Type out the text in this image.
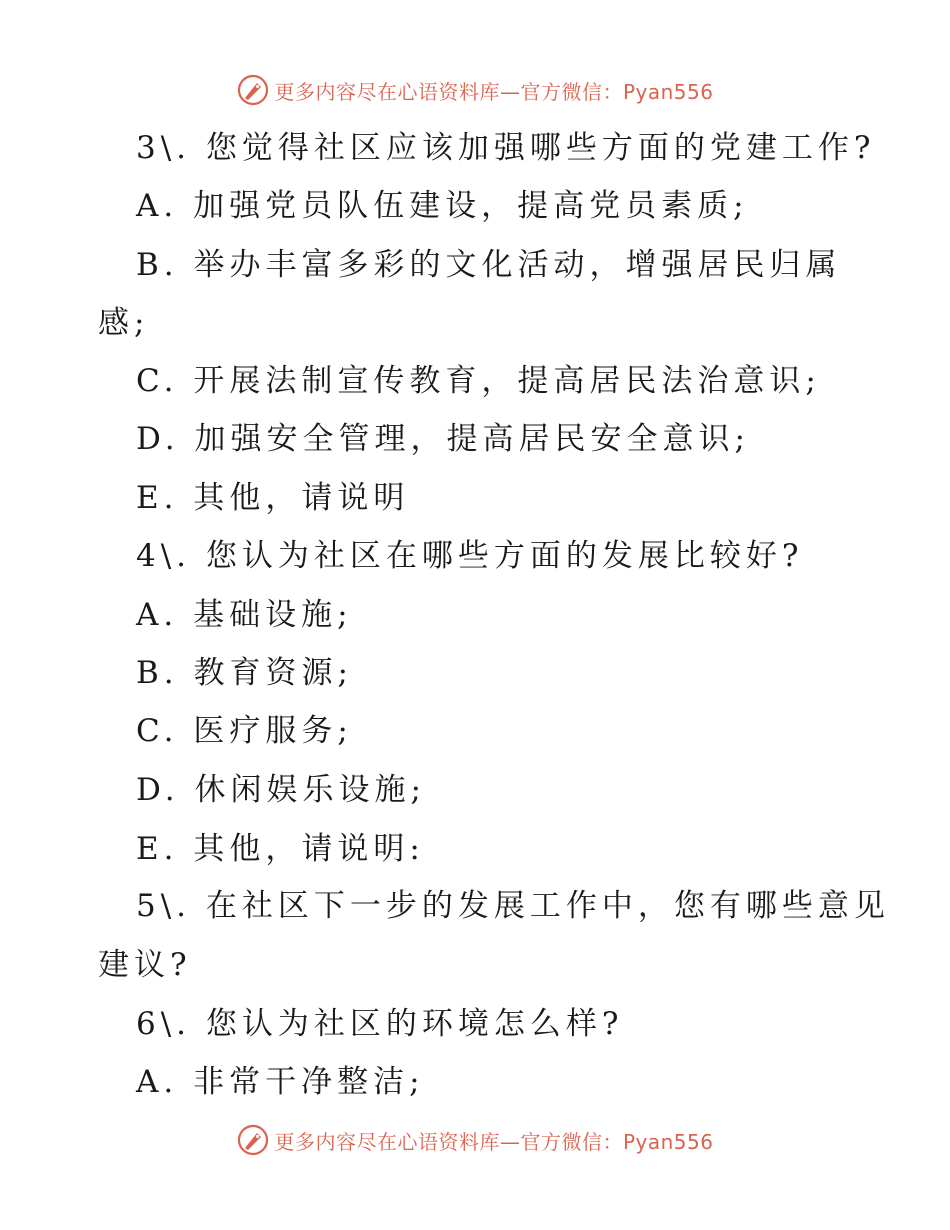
更多内容尽在心语资料库—官方微信：Pyan556
3\. 您觉得社区应该加强哪些方面的党建工作?
A. 加强党员队伍建设，提高党员素质;
B. 举办丰富多彩的文化活动，增强居民归属
感;
C. 开展法制宣传教育，提高居民法治意识;
D. 加强安全管理，提高居民安全意识;
E. 其他，请说明
4\. 您认为社区在哪些方面的发展比较好?
A. 基础设施;
B. 教育资源;
C. 医疗服务;
D. 休闲娱乐设施;
E. 其他，请说明:
5\. 在社区下一步的发展工作中，您有哪些意见
建议?
6\. 您认为社区的环境怎么样?
A. 非常干净整洁;
更多内容尽在心语资料库—官方微信：Pyan556
